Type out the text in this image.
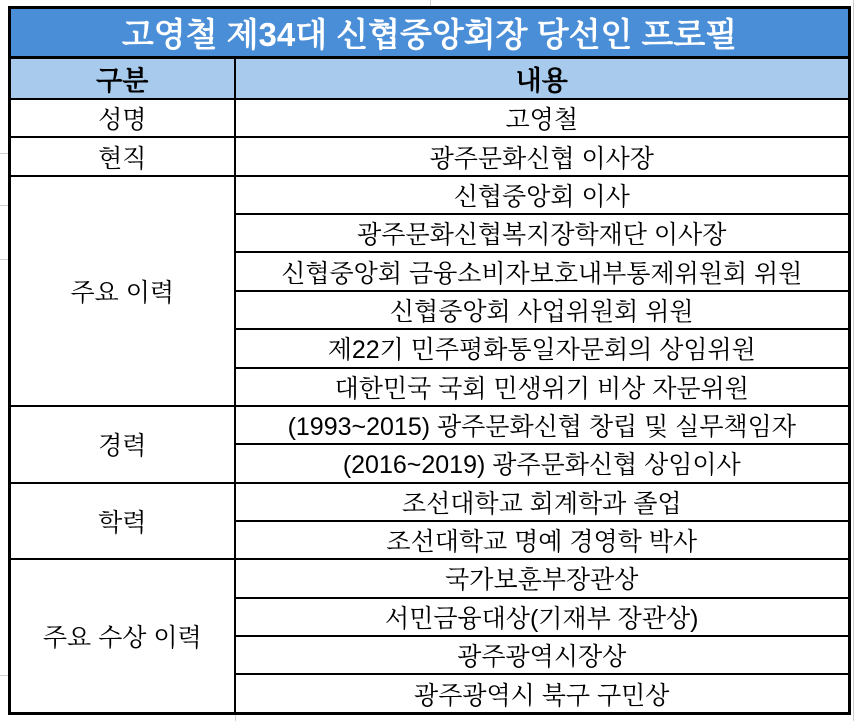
고영철 제34대 신협중앙회장 당선인 프로필	
구분	내용
성명	고영철
현직	광주문화신협 이사장
주요 이력	신협중앙회 이사
	광주문화신협복지장학재단 이사장
	신협중앙회 금융소비자보호내부통제위원회 위원
	신협중앙회 사업위원회 위원
	제22기 민주평화통일자문회의 상임위원
	대한민국 국회 민생위기 비상 자문위원
경력	(1993~2015) 광주문화신협 창립 및 실무책임자
	(2016~2019) 광주문화신협 상임이사
학력	조선대학교 회계학과 졸업
	조선대학교 명예 경영학 박사
주요 수상 이력	국가보훈부장관상
	서민금융대상(기재부 장관상)
	광주광역시장상
	광주광역시 북구 구민상
